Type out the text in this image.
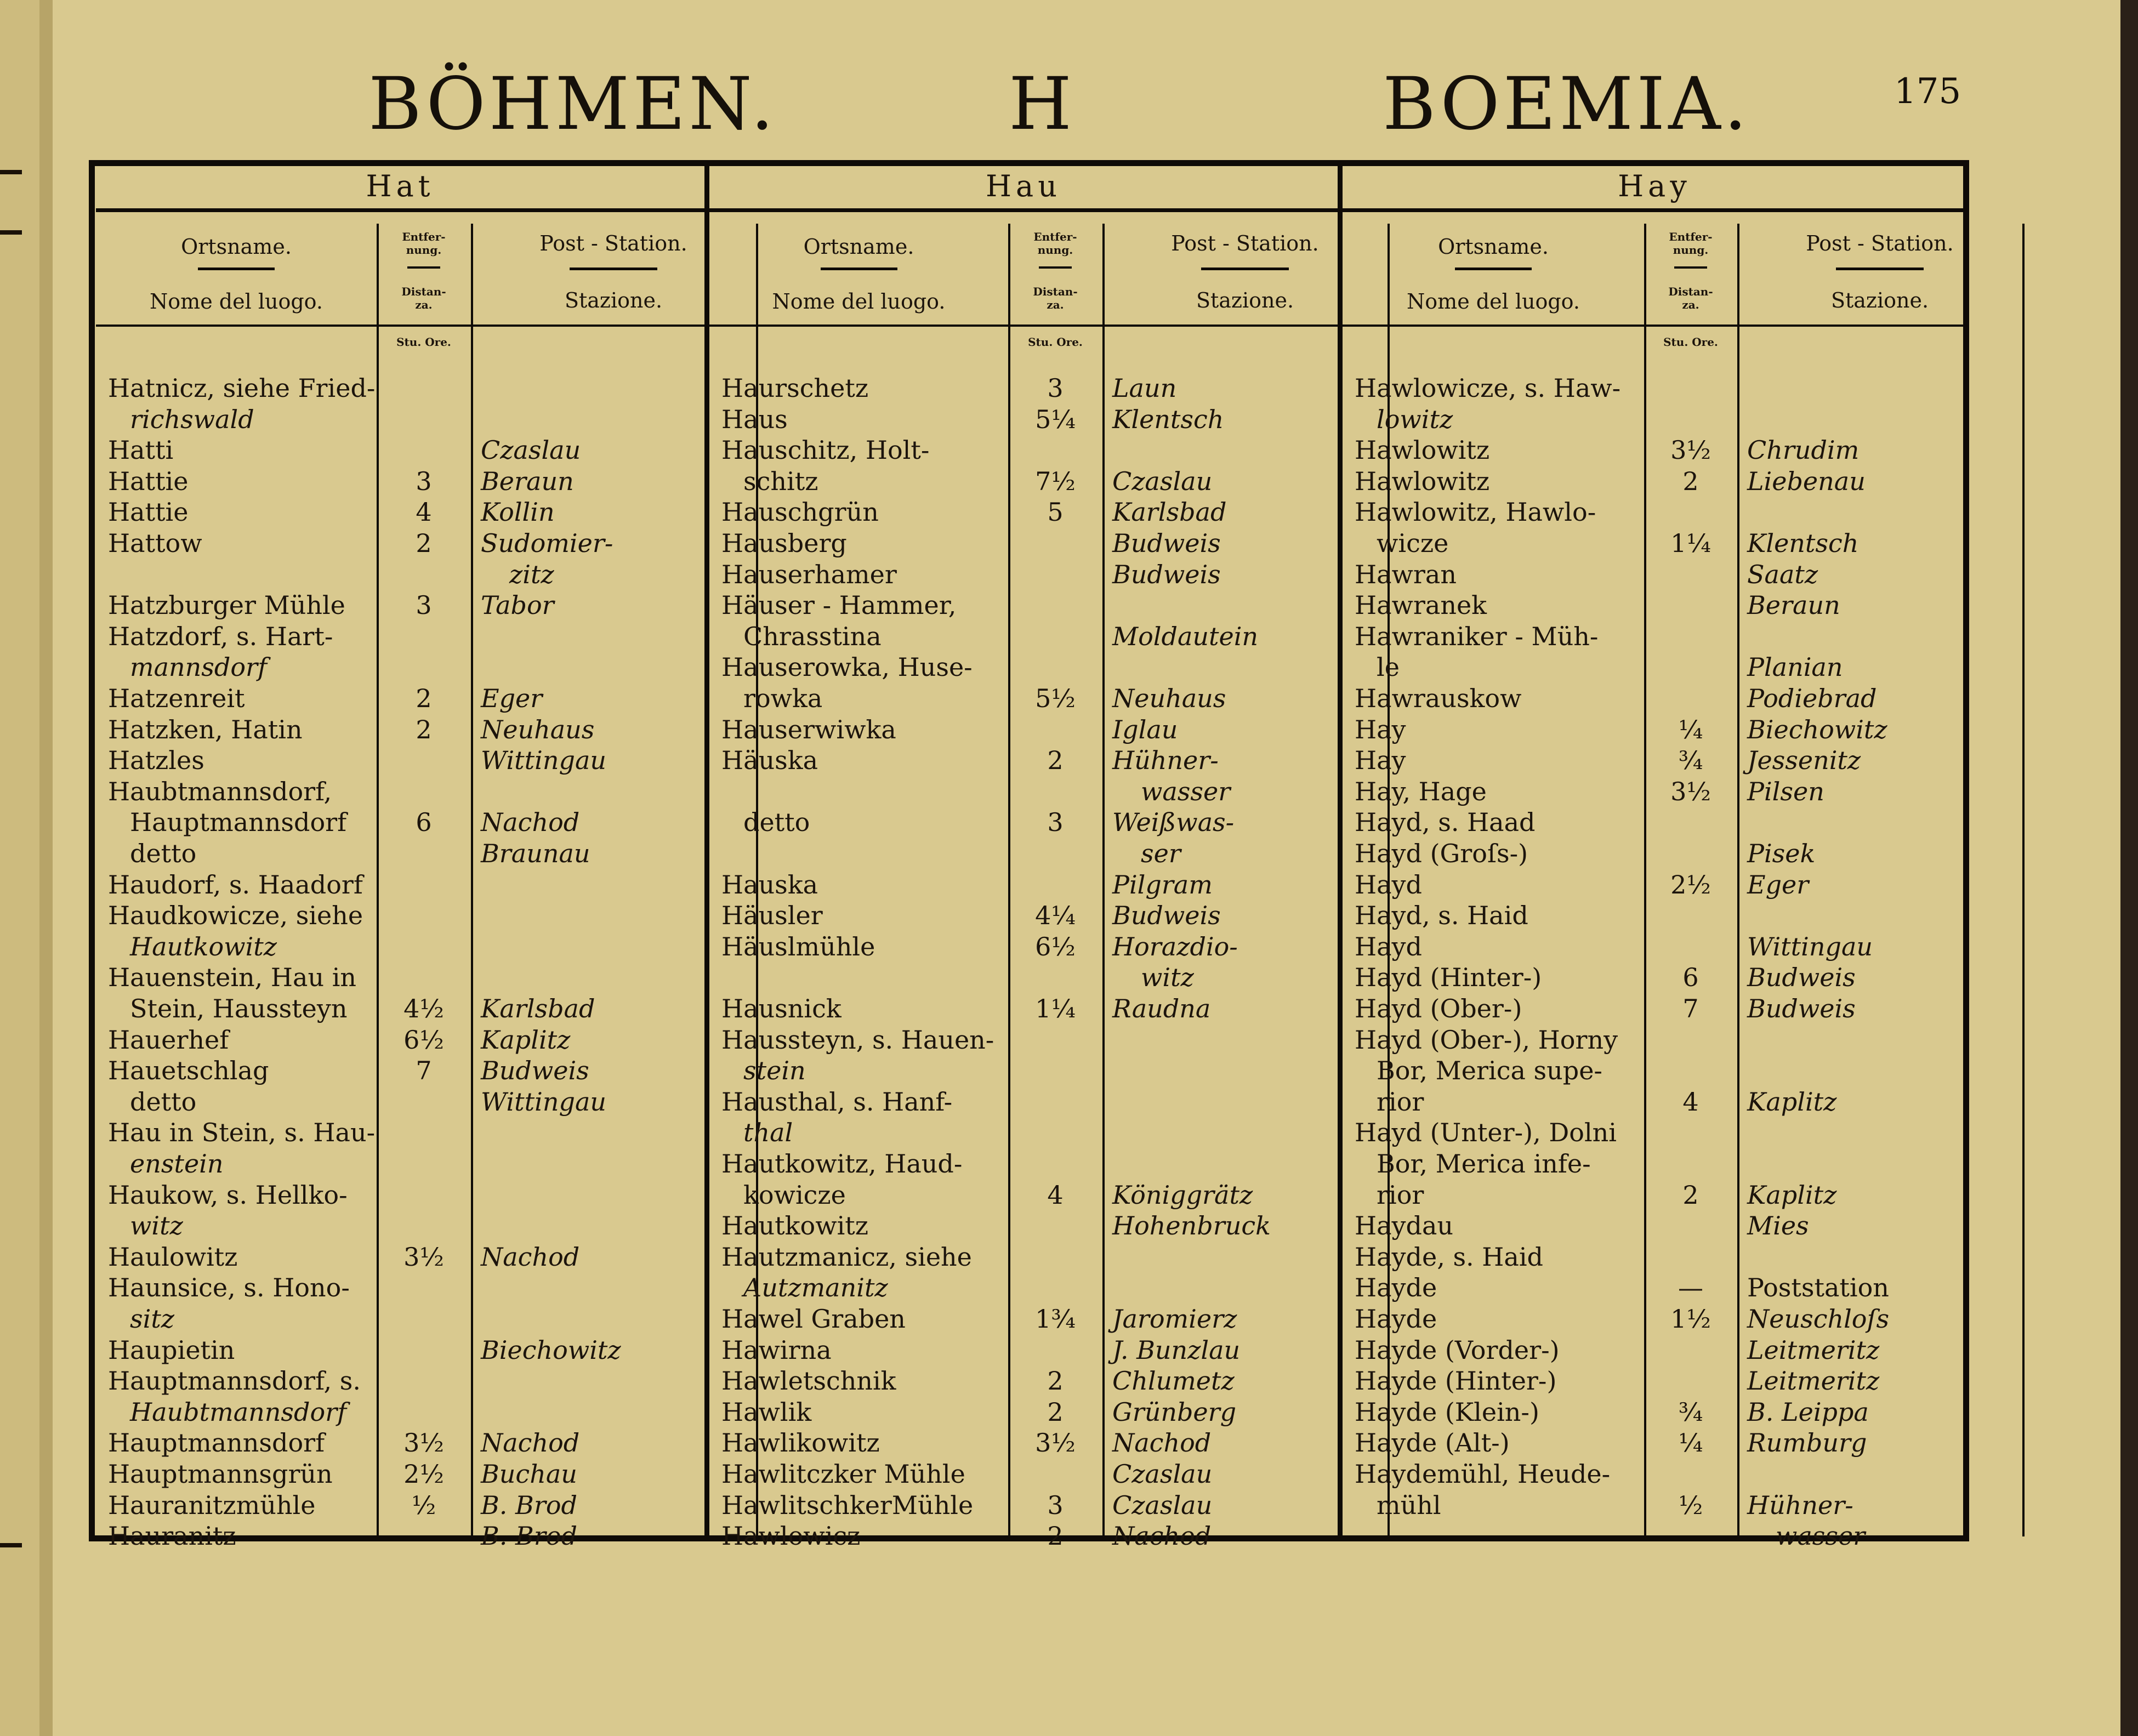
BÖHMEN.	H	BOEMIA.	175
Hat
Ortsname.
Nome del luogo.
Entfer-
nung.
Distan-
za.
Post - Station.
Stazione.
Stu. Ore.
Hatnicz, siehe Fried-
richswald
Hatti	Czaslau
Hattie	3	Beraun
Hattie	4	Kollin
Hattow	2	Sudomier-
zitz
Hatzburger Mühle	3	Tabor
Hatzdorf, s. Hart-
mannsdorf
Hatzenreit	2	Eger
Hatzken, Hatin	2	Neuhaus
Hatzles	Wittingau
Haubtmannsdorf,
Hauptmannsdorf	6	Nachod
detto	Braunau
Haudorf, s. Haadorf
Haudkowicze, siehe
Hautkowitz
Hauenstein, Hau in
Stein, Haussteyn	4½	Karlsbad
Hauerhef	6½	Kaplitz
Hauetschlag	7	Budweis
detto	Wittingau
Hau in Stein, s. Hau-
enstein
Haukow, s. Hellko-
witz
Haulowitz	3½	Nachod
Haunsice, s. Hono-
sitz
Haupietin	Biechowitz
Hauptmannsdorf, s.
Haubtmannsdorf
Hauptmannsdorf	3½	Nachod
Hauptmannsgrün	2½	Buchau
Hauranitzmühle	½	B. Brod
Hauranitz	B. Brod
Hau
Ortsname.
Nome del luogo.
Entfer-
nung.
Distan-
za.
Post - Station.
Stazione.
Stu. Ore.
Haurschetz	3	Laun
Haus	5¼	Klentsch
Hauschitz, Holt-
schitz	7½	Czaslau
Hauschgrün	5	Karlsbad
Hausberg	Budweis
Hauserhamer	Budweis
Häuser - Hammer,
Chrasstina	Moldautein
Hauserowka, Huse-
rowka	5½	Neuhaus
Hauserwiwka	Iglau
Häuska	2	Hühner-
wasser
detto	3	Weißwas-
ser
Hauska	Pilgram
Häusler	4¼	Budweis
Häuslmühle	6½	Horazdio-
witz
Hausnick	1¼	Raudna
Haussteyn, s. Hauen-
stein
Hausthal, s. Hanf-
thal
Hautkowitz, Haud-
kowicze	4	Königgrätz
Hautkowitz	Hohenbruck
Hautzmanicz, siehe
Autzmanitz
Hawel Graben	1¾	Jaromierz
Hawirna	J. Bunzlau
Hawletschnik	2	Chlumetz
Hawlik	2	Grünberg
Hawlikowitz	3½	Nachod
Hawlitczker Mühle	Czaslau
HawlitschkerMühle	3	Czaslau
Hawlowicz	2	Nachod
Hay
Ortsname.
Nome del luogo.
Entfer-
nung.
Distan-
za.
Post - Station.
Stazione.
Stu. Ore.
Hawlowicze, s. Haw-
lowitz
Hawlowitz	3½	Chrudim
Hawlowitz	2	Liebenau
Hawlowitz, Hawlo-
wicze	1¼	Klentsch
Hawran	Saatz
Hawranek	Beraun
Hawraniker - Müh-
le	Planian
Hawrauskow	Podiebrad
Hay	¼	Biechowitz
Hay	¾	Jessenitz
Hay, Hage	3½	Pilsen
Hayd, s. Haad
Hayd (Groſs-)	Pisek
Hayd	2½	Eger
Hayd, s. Haid
Hayd	Wittingau
Hayd (Hinter-)	6	Budweis
Hayd (Ober-)	7	Budweis
Hayd (Ober-), Horny
Bor, Merica supe-
rior	4	Kaplitz
Hayd (Unter-), Dolni
Bor, Merica infe-
rior	2	Kaplitz
Haydau	Mies
Hayde, s. Haid
Hayde	—	Poststation
Hayde	1½	Neuschloſs
Hayde (Vorder-)	Leitmeritz
Hayde (Hinter-)	Leitmeritz
Hayde (Klein-)	¾	B. Leippa
Hayde (Alt-)	¼	Rumburg
Haydemühl, Heude-
mühl	½	Hühner-
wasser
